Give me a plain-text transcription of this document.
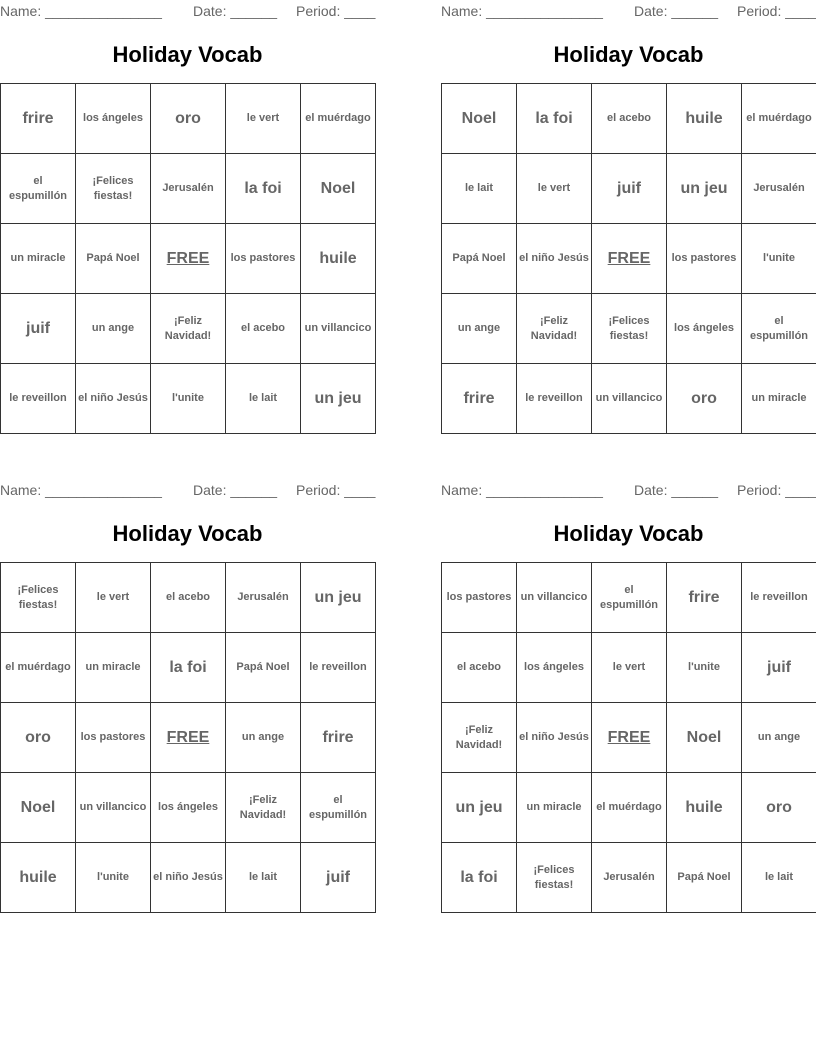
Name: _______________ Date: ______ Period: ____
Holiday Vocab
frire	los ángeles	oro	le vert	el muérdago
el espumillón	¡Felices fiestas!	Jerusalén	la foi	Noel
un miracle	Papá Noel	FREE	los pastores	huile
juif	un ange	¡Feliz Navidad!	el acebo	un villancico
le reveillon	el niño Jesús	l'unite	le lait	un jeu
Name: _______________ Date: ______ Period: ____
Holiday Vocab
Noel	la foi	el acebo	huile	el muérdago
le lait	le vert	juif	un jeu	Jerusalén
Papá Noel	el niño Jesús	FREE	los pastores	l'unite
un ange	¡Feliz Navidad!	¡Felices fiestas!	los ángeles	el espumillón
frire	le reveillon	un villancico	oro	un miracle
Name: _______________ Date: ______ Period: ____
Holiday Vocab
¡Felices fiestas!	le vert	el acebo	Jerusalén	un jeu
el muérdago	un miracle	la foi	Papá Noel	le reveillon
oro	los pastores	FREE	un ange	frire
Noel	un villancico	los ángeles	¡Feliz Navidad!	el espumillón
huile	l'unite	el niño Jesús	le lait	juif
Name: _______________ Date: ______ Period: ____
Holiday Vocab
los pastores	un villancico	el espumillón	frire	le reveillon
el acebo	los ángeles	le vert	l'unite	juif
¡Feliz Navidad!	el niño Jesús	FREE	Noel	un ange
un jeu	un miracle	el muérdago	huile	oro
la foi	¡Felices fiestas!	Jerusalén	Papá Noel	le lait
